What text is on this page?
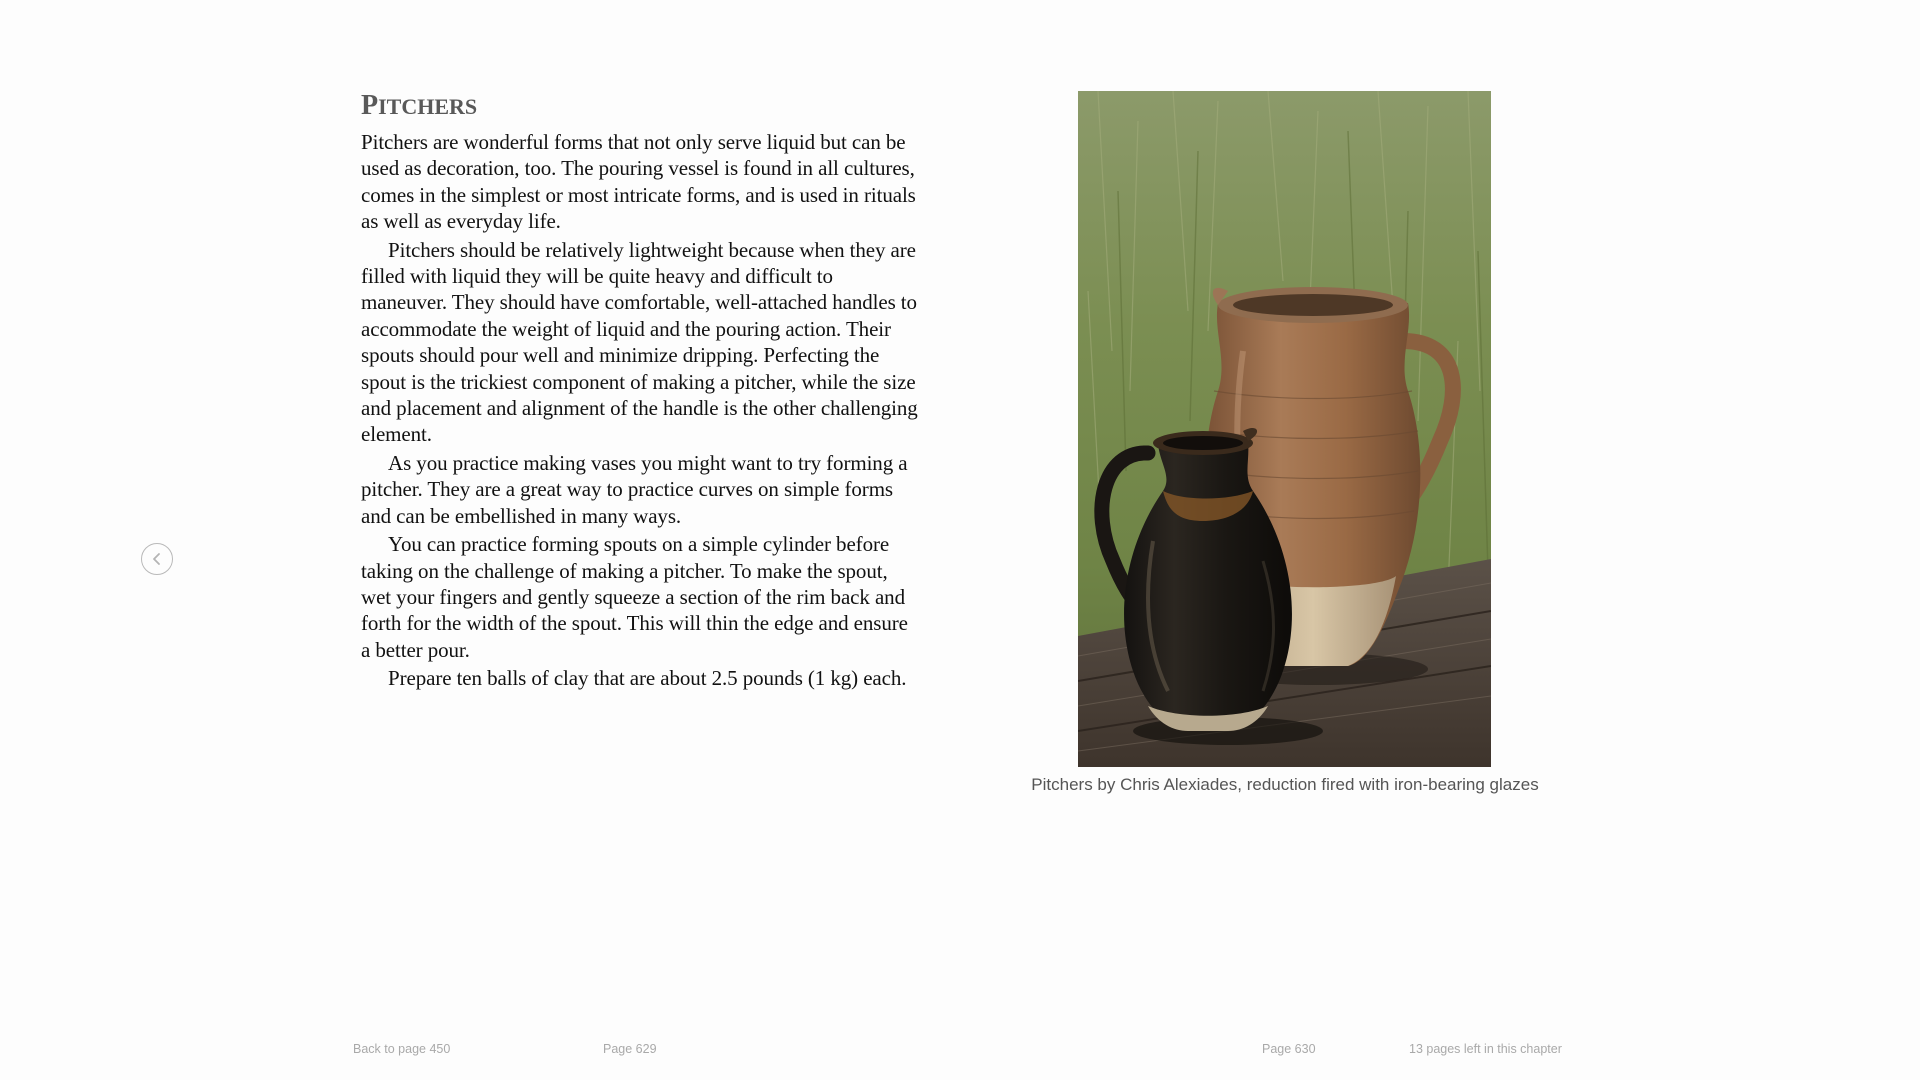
PITCHERS

Pitchers are wonderful forms that not only serve liquid but can be used as decoration, too. The pouring vessel is found in all cultures, comes in the simplest or most intricate forms, and is used in rituals as well as everyday life.

Pitchers should be relatively lightweight because when they are filled with liquid they will be quite heavy and difficult to maneuver. They should have comfortable, well-attached handles to accommodate the weight of liquid and the pouring action. Their spouts should pour well and minimize dripping. Perfecting the spout is the trickiest component of making a pitcher, while the size and placement and alignment of the handle is the other challenging element.

As you practice making vases you might want to try forming a pitcher. They are a great way to practice curves on simple forms and can be embellished in many ways.

You can practice forming spouts on a simple cylinder before taking on the challenge of making a pitcher. To make the spout, wet your fingers and gently squeeze a section of the rim back and forth for the width of the spout. This will thin the edge and ensure a better pour.

Prepare ten balls of clay that are about 2.5 pounds (1 kg) each.

Pitchers by Chris Alexiades, reduction fired with iron-bearing glazes
Back to page 450	Page 629	Page 630	13 pages left in this chapter
